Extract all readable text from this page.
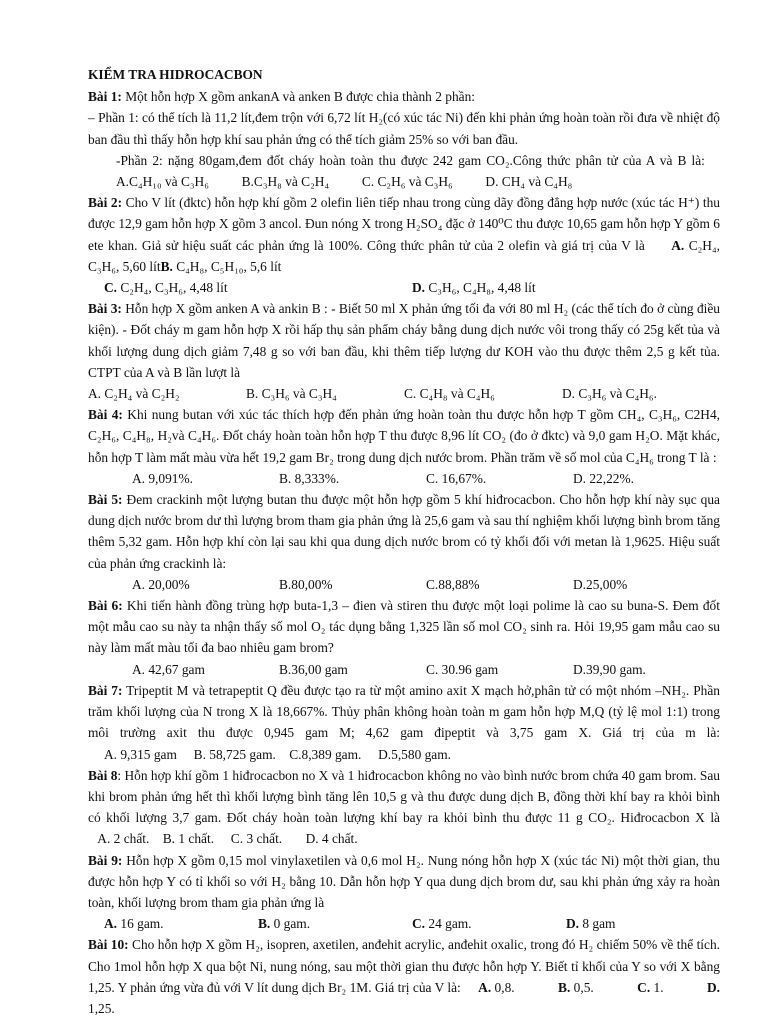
KIỂM TRA HIDROCACBON

Bài 1: Một hỗn hợp X gồm ankanA và anken B được chia thành 2 phần:

– Phần 1: có thể tích là 11,2 lít,đem trộn với 6,72 lít H₂(có xúc tác Ni) đến khi phản ứng hoàn toàn rồi đưa về nhiệt độ ban đầu thì thấy hỗn hợp khí sau phản ứng có thể tích giảm 25% so với ban đầu.

-Phần 2: nặng 80gam,đem đốt cháy hoàn toàn thu được 242 gam CO₂.Công thức phân tử của A và B là:  A.C₄H₁₀ và C₃H₆ B.C₃H₈ và C₂H₄ C. C₂H₆ và C₃H₆ D. CH₄ và C₄H₈

Bài 2: Cho V lít (đktc) hỗn hợp khí gồm 2 olefin liên tiếp nhau trong cùng dãy đồng đẳng hợp nước (xúc tác H⁺) thu được 12,9 gam hỗn hợp X gồm 3 ancol. Đun nóng X trong H₂SO₄ đặc ở 140⁰C thu được 10,65 gam hỗn hợp Y gồm 6 ete khan. Giả sử hiệu suất các phản ứng là 100%. Công thức phân tử của 2 olefin và giá trị của V là A. C₂H₄, C₃H₆, 5,60 lítB. C₄H₈, C₅H₁₀, 5,6 lít

C. C₂H₄, C₃H₆, 4,48 lít	D. C₃H₆, C₄H₈, 4,48 lít

Bài 3: Hỗn hợp X gồm anken A và ankin B : - Biết 50 ml X phản ứng tối đa với 80 ml H₂ (các thể tích đo ở cùng điều kiện). - Đốt cháy m gam hỗn hợp X rồi hấp thụ sản phẩm cháy bằng dung dịch nước vôi trong thấy có 25g kết tủa và khối lượng dung dịch giảm 7,48 g so với ban đầu, khi thêm tiếp lượng dư KOH vào thu được thêm 2,5 g kết tủa. CTPT của A và B lần lượt là

A. C₂H₄ và C₂H₂	B. C₃H₆ và C₃H₄	C. C₄H₈ và C₄H₆	D. C₃H₆ và C₄H₆.

Bài 4: Khi nung butan với xúc tác thích hợp đến phản ứng hoàn toàn thu được hỗn hợp T gồm CH₄, C₃H₆, C2H4, C₂H₆, C₄H₈, H₂và C₄H₆. Đốt cháy hoàn toàn hỗn hợp T thu được 8,96 lít CO₂ (đo ở đktc) và 9,0 gam H₂O. Mặt khác, hỗn hợp T làm mất màu vừa hết 19,2 gam Br₂ trong dung dịch nước brom. Phần trăm về số mol của C₄H₆ trong T là :

A. 9,091%.	B. 8,333%.	C. 16,67%.	D. 22,22%.

Bài 5: Đem crackinh một lượng butan thu được một hỗn hợp gồm 5 khí hiđrocacbon. Cho hỗn hợp khí này sục qua dung dịch nước brom dư thì lượng brom tham gia phản ứng là 25,6 gam và sau thí nghiệm khối lượng bình brom tăng thêm 5,32 gam. Hỗn hợp khí còn lại sau khi qua dung dịch nước brom có tỷ khối đối với metan là 1,9625. Hiệu suất của phản ứng crackinh là:

A. 20,00%	B.80,00%	C.88,88%	D.25,00%

Bài 6: Khi tiến hành đồng trùng hợp buta-1,3 – đien và stiren thu được một loại polime là cao su buna-S. Đem đốt một mẫu cao su này ta nhận thấy số mol O₂ tác dụng bằng 1,325 lần số mol CO₂ sinh ra. Hỏi 19,95 gam mẫu cao su này làm mất màu tối đa bao nhiêu gam brom?

A. 42,67 gam	B.36,00 gam	C. 30.96 gam	D.39,90 gam.

Bài 7: Tripeptit M và tetrapeptit Q đều được tạo ra từ một amino axit X mạch hở,phân tử có một nhóm –NH₂. Phần trăm khối lượng của N trong X là 18,667%. Thủy phân không hoàn toàn m gam hỗn hợp M,Q (tỷ lệ mol 1:1) trong môi trường axit thu được 0,945 gam M; 4,62 gam đipeptit và 3,75 gam X. Giá trị của m là:     A. 9,315 gam     B. 58,725 gam.    C.8,389 gam.     D.5,580 gam.

Bài 8: Hỗn hợp khí gồm 1 hiđrocacbon no X và 1 hiđrocacbon không no vào bình nước brom chứa 40 gam brom. Sau khi brom phản ứng hết thì khối lượng bình tăng lên 10,5 g và thu được dung dịch B, đồng thời khí bay ra khỏi bình có khối lượng 3,7 gam. Đốt cháy hoàn toàn lượng khí bay ra khỏi bình thu được 11 g CO₂. Hiđrocacbon X là   A. 2 chất.    B. 1 chất.     C. 3 chất.       D. 4 chất.

Bài 9: Hỗn hợp X gồm 0,15 mol vinylaxetilen và 0,6 mol H₂. Nung nóng hỗn hợp X (xúc tác Ni) một thời gian, thu được hỗn hợp Y có tỉ khối so với H₂ bằng 10. Dẫn hỗn hợp Y qua dung dịch brom dư, sau khi phản ứng xảy ra hoàn toàn, khối lượng brom tham gia phản ứng là

A. 16 gam.	B. 0 gam.	C. 24 gam.	D. 8 gam

Bài 10: Cho hỗn hợp X gồm H₂, isopren, axetilen, anđehit acrylic, anđehit oxalic, trong đó H₂ chiếm 50% về thể tích. Cho 1mol hỗn hợp X qua bột Ni, nung nóng, sau một thời gian thu được hỗn hợp Y. Biết tỉ khối của Y so với X bằng 1,25. Y phản ứng vừa đủ với V lít dung dịch Br₂ 1M. Giá trị của V là: A. 0,8.	B. 0,5.	C. 1.	D. 1,25.
